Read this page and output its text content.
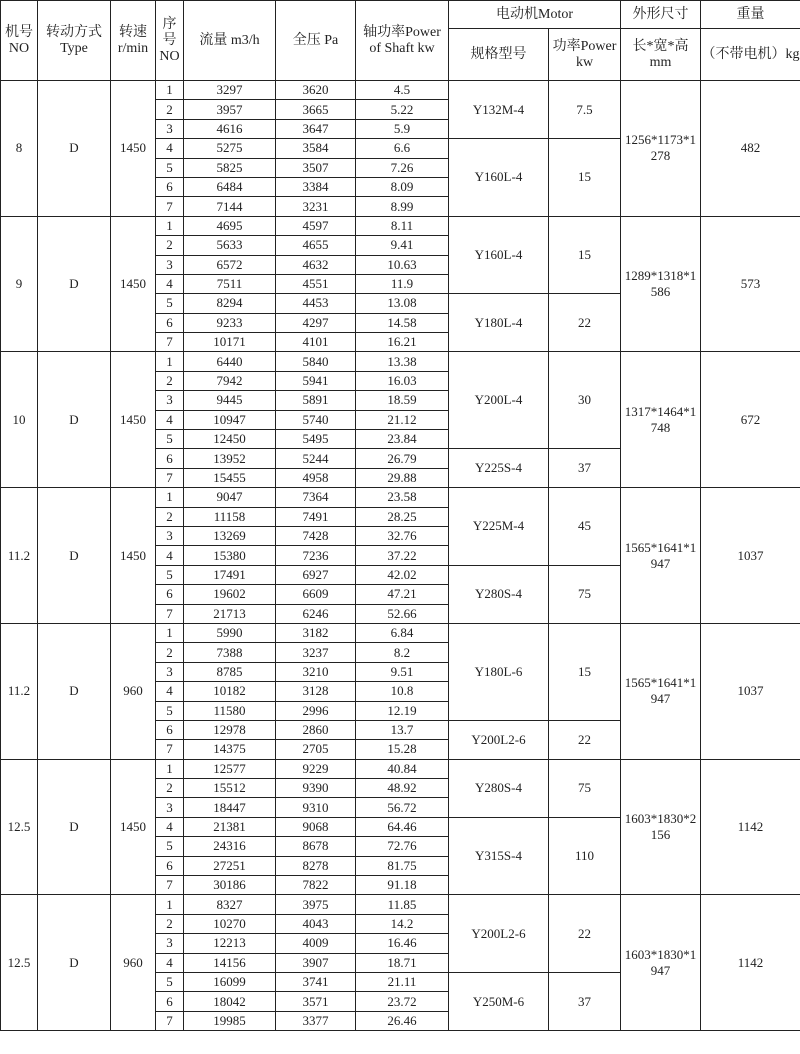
机号NO	转动方式Type	转速 r/min	序号NO	流量 m3/h	全压 Pa	轴功率Power of Shaft kw	电动机Motor		外形尺寸	重量
							规格型号	功率Power kw	长*宽*高 mm	（不带电机）kg
8	D	1450	1	3297	3620	4.5	Y132M-4	7.5	1256*1173*1278	482
			2	3957	3665	5.22				
			3	4616	3647	5.9				
			4	5275	3584	6.6	Y160L-4	15		
			5	5825	3507	7.26				
			6	6484	3384	8.09				
			7	7144	3231	8.99				
9	D	1450	1	4695	4597	8.11	Y160L-4	15	1289*1318*1586	573
			2	5633	4655	9.41				
			3	6572	4632	10.63				
			4	7511	4551	11.9				
			5	8294	4453	13.08	Y180L-4	22		
			6	9233	4297	14.58				
			7	10171	4101	16.21				
10	D	1450	1	6440	5840	13.38	Y200L-4	30	1317*1464*1748	672
			2	7942	5941	16.03				
			3	9445	5891	18.59				
			4	10947	5740	21.12				
			5	12450	5495	23.84				
			6	13952	5244	26.79	Y225S-4	37		
			7	15455	4958	29.88				
11.2	D	1450	1	9047	7364	23.58	Y225M-4	45	1565*1641*1947	1037
			2	11158	7491	28.25				
			3	13269	7428	32.76				
			4	15380	7236	37.22				
			5	17491	6927	42.02	Y280S-4	75		
			6	19602	6609	47.21				
			7	21713	6246	52.66				
11.2	D	960	1	5990	3182	6.84	Y180L-6	15	1565*1641*1947	1037
			2	7388	3237	8.2				
			3	8785	3210	9.51				
			4	10182	3128	10.8				
			5	11580	2996	12.19				
			6	12978	2860	13.7	Y200L2-6	22		
			7	14375	2705	15.28				
12.5	D	1450	1	12577	9229	40.84	Y280S-4	75	1603*1830*2156	1142
			2	15512	9390	48.92				
			3	18447	9310	56.72				
			4	21381	9068	64.46	Y315S-4	110		
			5	24316	8678	72.76				
			6	27251	8278	81.75				
			7	30186	7822	91.18				
12.5	D	960	1	8327	3975	11.85	Y200L2-6	22	1603*1830*1947	1142
			2	10270	4043	14.2				
			3	12213	4009	16.46				
			4	14156	3907	18.71				
			5	16099	3741	21.11	Y250M-6	37		
			6	18042	3571	23.72				
			7	19985	3377	26.46				
